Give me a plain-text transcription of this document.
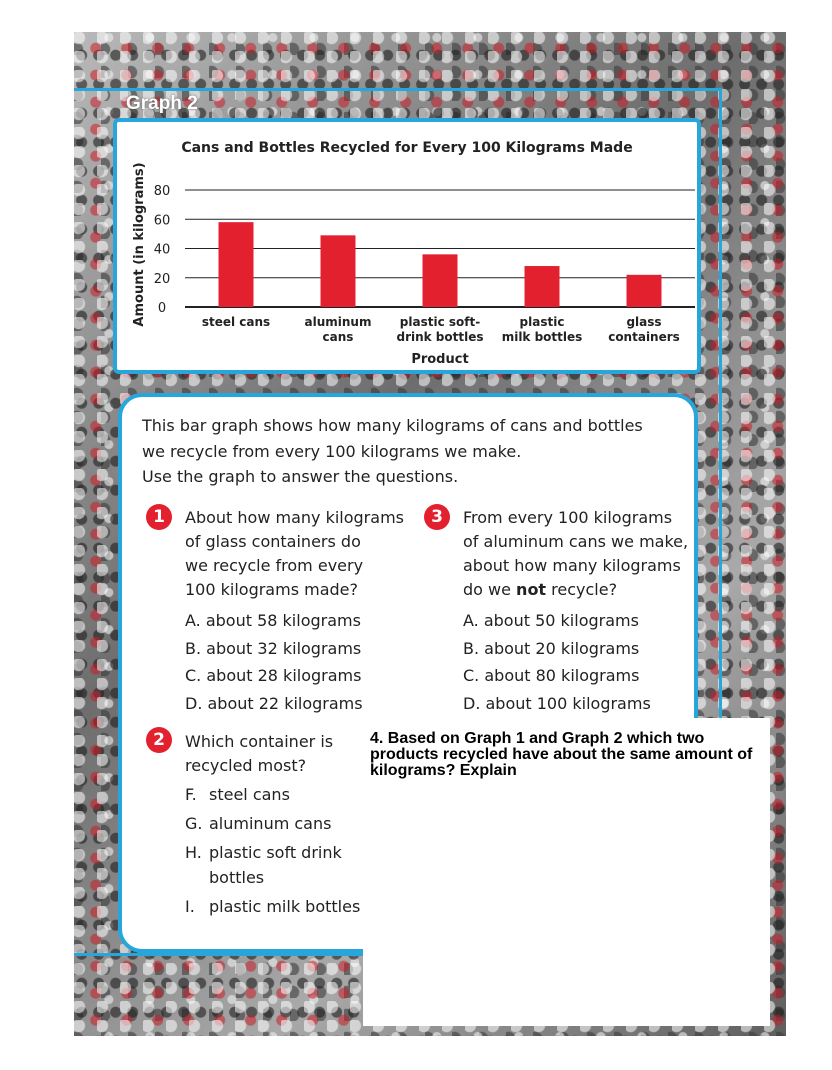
Graph 2
Cans and Bottles Recycled for Every 100 Kilograms Made
Amount (in kilograms) 0
20
40
60
80
steel cans	aluminum
cans
plastic soft-
drink bottles
plastic
milk bottles
glass
containers
Product

This bar graph shows how many kilograms of cans and bottles
we recycle from every 100 kilograms we make.

Use the graph to answer the questions.

1	About how many kilograms
of glass containers do
we recycle from every
100 kilograms made?

A. about 58 kilograms
B. about 32 kilograms
C. about 28 kilograms
D. about 22 kilograms
3	From every 100 kilograms
of aluminum cans we make,
about how many kilograms
do we not recycle?

A. about 50 kilograms
B. about 20 kilograms
C. about 80 kilograms
D. about 100 kilograms
2	Which container is
recycled most?

F. steel cans
G. aluminum cans
H. plastic soft drink
bottles
I. plastic milk bottles

4. Based on Graph 1 and Graph 2 which two products recycled have about the same amount of kilograms? Explain
